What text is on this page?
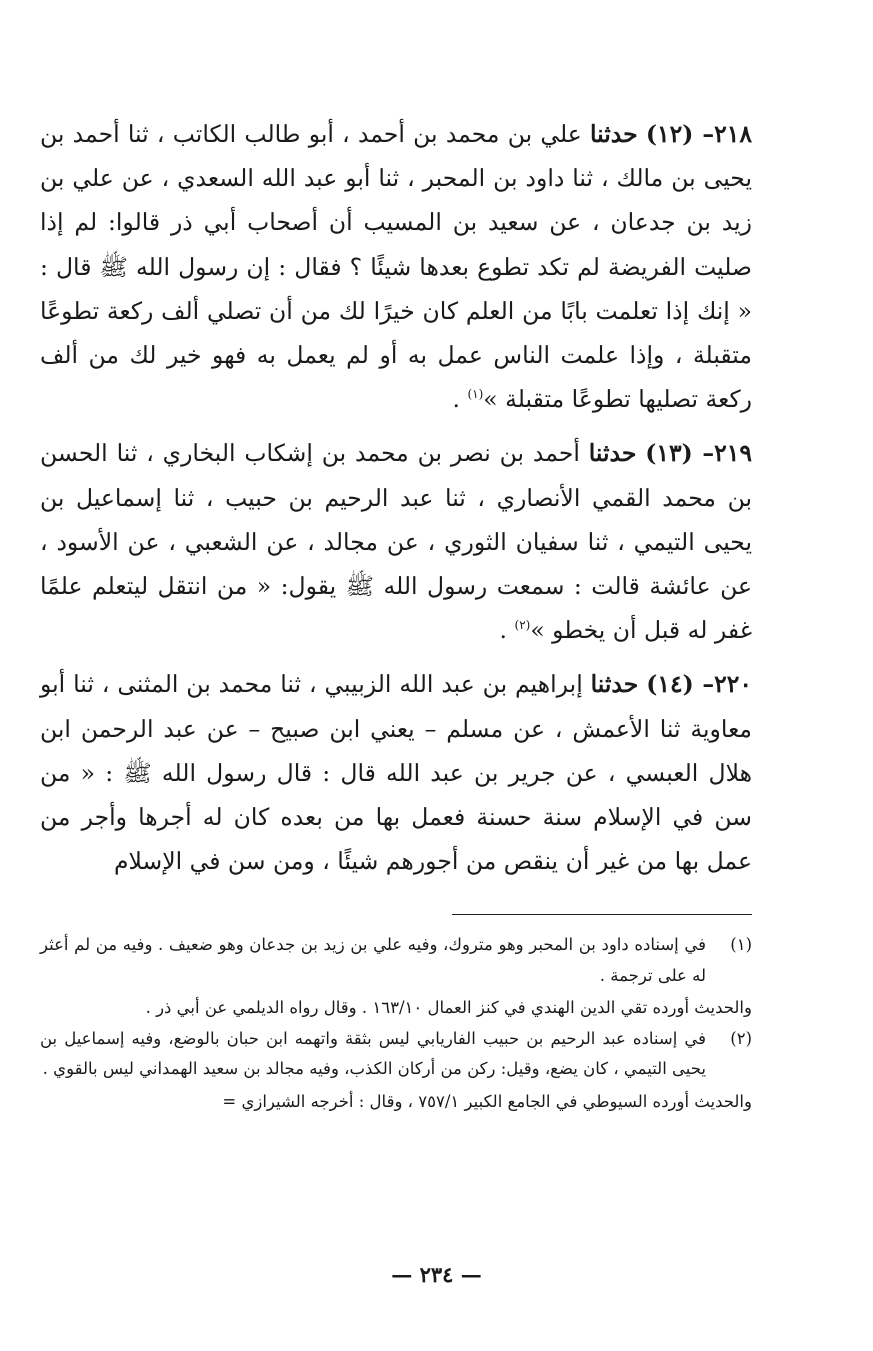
٢١٨– (١٢) حدثنا علي بن محمد بن أحمد ، أبو طالب الكاتب ، ثنا أحمد بن يحيى بن مالك ، ثنا داود بن المحبر ، ثنا أبو عبد الله السعدي ، عن علي بن زيد بن جدعان ، عن سعيد بن المسيب أن أصحاب أبي ذر قالوا: لم إذا صليت الفريضة لم تكد تطوع بعدها شيئًا ؟ فقال : إن رسول الله ﷺ قال : « إنك إذا تعلمت بابًا من العلم كان خيرًا لك من أن تصلي ألف ركعة تطوعًا متقبلة ، وإذا علمت الناس عمل به أو لم يعمل به فهو خير لك من ألف ركعة تصليها تطوعًا متقبلة »$^{(١)}$ .

٢١٩– (١٣) حدثنا أحمد بن نصر بن محمد بن إشكاب البخاري ، ثنا الحسن بن محمد القمي الأنصاري ، ثنا عبد الرحيم بن حبيب ، ثنا إسماعيل بن يحيى التيمي ، ثنا سفيان الثوري ، عن مجالد ، عن الشعبي ، عن الأسود ، عن عائشة قالت : سمعت رسول الله ﷺ يقول: « من انتقل ليتعلم علمًا غفر له قبل أن يخطو »$^{(٢)}$ .

٢٢٠– (١٤) حدثنا إبراهيم بن عبد الله الزبيبي ، ثنا محمد بن المثنى ، ثنا أبو معاوية ثنا الأعمش ، عن مسلم – يعني ابن صبيح – عن عبد الرحمن ابن هلال العبسي ، عن جرير بن عبد الله قال : قال رسول الله ﷺ : « من سن في الإسلام سنة حسنة فعمل بها من بعده كان له أجرها وأجر من عمل بها من غير أن ينقص من أجورهم شيئًا ، ومن سن في الإسلام

(١)
في إسناده داود بن المحبر وهو متروك، وفيه علي بن زيد بن جدعان وهو ضعيف . وفيه من لم أعثر له على ترجمة .
والحديث أورده تقي الدين الهندي في كنز العمال ١٦٣/١٠ . وقال رواه الديلمي عن أبي ذر .
(٢)
في إسناده عبد الرحيم بن حبيب الفاريابي ليس بثقة واتهمه ابن حبان بالوضع، وفيه إسماعيل بن يحيى التيمي ، كان يضع، وقيل: ركن من أركان الكذب، وفيه مجالد بن سعيد الهمداني ليس بالقوي .
والحديث أورده السيوطي في الجامع الكبير ٧٥٧/١ ، وقال : أخرجه الشيرازي =
— ٢٣٤ —
